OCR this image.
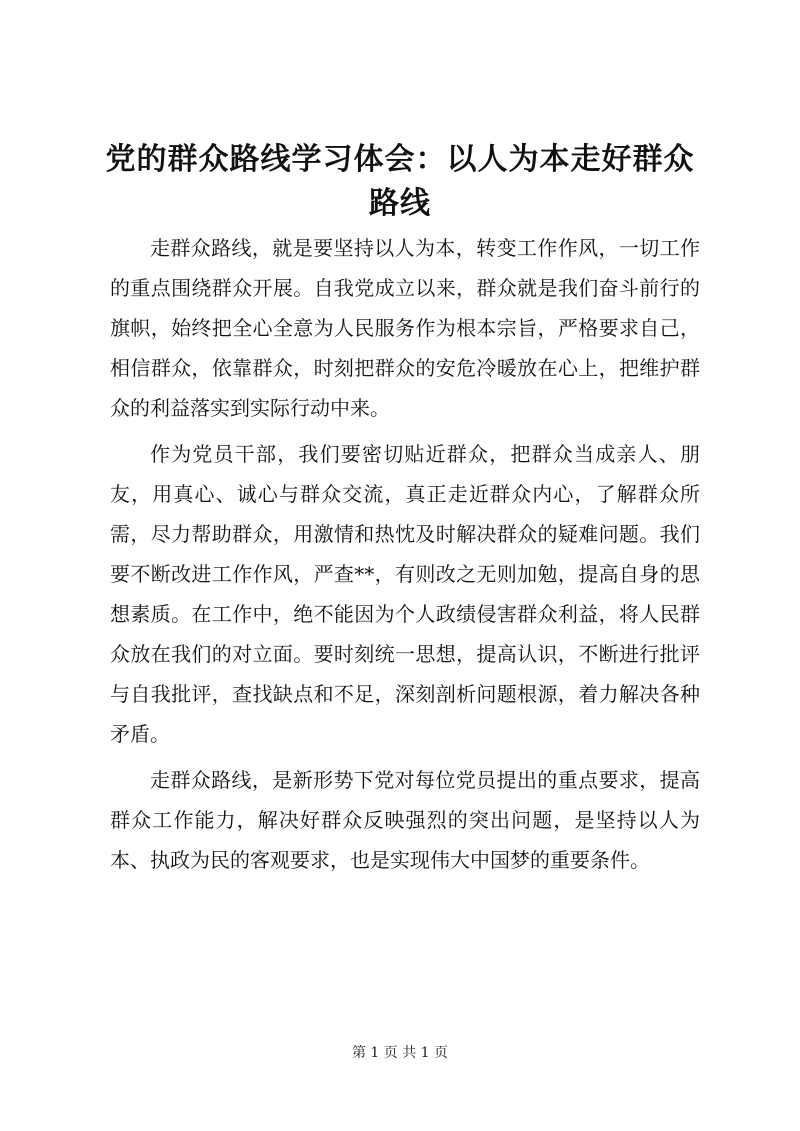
党的群众路线学习体会：以人为本走好群众路线

走群众路线，就是要坚持以人为本，转变工作作风，一切工作的重点围绕群众开展。自我党成立以来，群众就是我们奋斗前行的旗帜，始终把全心全意为人民服务作为根本宗旨，严格要求自己，相信群众，依靠群众，时刻把群众的安危冷暖放在心上，把维护群众的利益落实到实际行动中来。

作为党员干部，我们要密切贴近群众，把群众当成亲人、朋友，用真心、诚心与群众交流，真正走近群众内心，了解群众所需，尽力帮助群众，用激情和热忱及时解决群众的疑难问题。我们要不断改进工作作风，严查**，有则改之无则加勉，提高自身的思想素质。在工作中，绝不能因为个人政绩侵害群众利益，将人民群众放在我们的对立面。要时刻统一思想，提高认识，不断进行批评与自我批评，查找缺点和不足，深刻剖析问题根源，着力解决各种矛盾。

走群众路线，是新形势下党对每位党员提出的重点要求，提高群众工作能力，解决好群众反映强烈的突出问题，是坚持以人为本、执政为民的客观要求，也是实现伟大中国梦的重要条件。

第 1 页 共 1 页
